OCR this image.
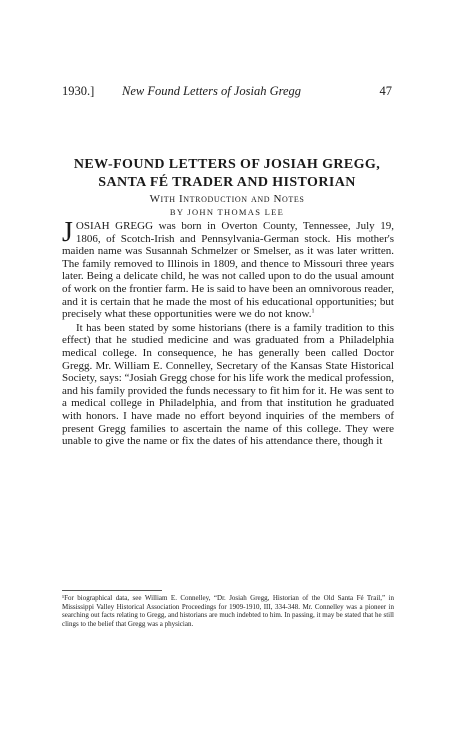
1930.] New Found Letters of Josiah Gregg	47
NEW-FOUND LETTERS OF JOSIAH GREGG,
SANTA FÉ TRADER AND HISTORIAN
With Introduction and Notes
BY JOHN THOMAS LEE

JOSIAH GREGG was born in Overton County, Tennessee, July 19, 1806, of Scotch-Irish and Pennsylvania-German stock. His mother's maiden name was Susannah Schmelzer or Smelser, as it was later written. The family removed to Illinois in 1809, and thence to Missouri three years later. Being a delicate child, he was not called upon to do the usual amount of work on the frontier farm. He is said to have been an omnivorous reader, and it is certain that he made the most of his educational opportunities; but precisely what these opportunities were we do not know.$^1$

It has been stated by some historians (there is a family tradition to this effect) that he studied medicine and was graduated from a Philadelphia medical college. In consequence, he has generally been called Doctor Gregg. Mr. William E. Connelley, Secretary of the Kansas State Historical Society, says: “Josiah Gregg chose for his life work the medical profession, and his family provided the funds necessary to fit him for it. He was sent to a medical college in Philadelphia, and from that institution he graduated with honors. I have made no effort beyond inquiries of the members of present Gregg families to ascertain the name of this college. They were unable to give the name or fix the dates of his attendance there, though it

¹For biographical data, see William E. Connelley, “Dr. Josiah Gregg, Historian of the Old Santa Fé Trail,” in Mississippi Valley Historical Association Proceedings for 1909-1910, III, 334-348. Mr. Connelley was a pioneer in searching out facts relating to Gregg, and historians are much indebted to him. In passing, it may be stated that he still clings to the belief that Gregg was a physician.
